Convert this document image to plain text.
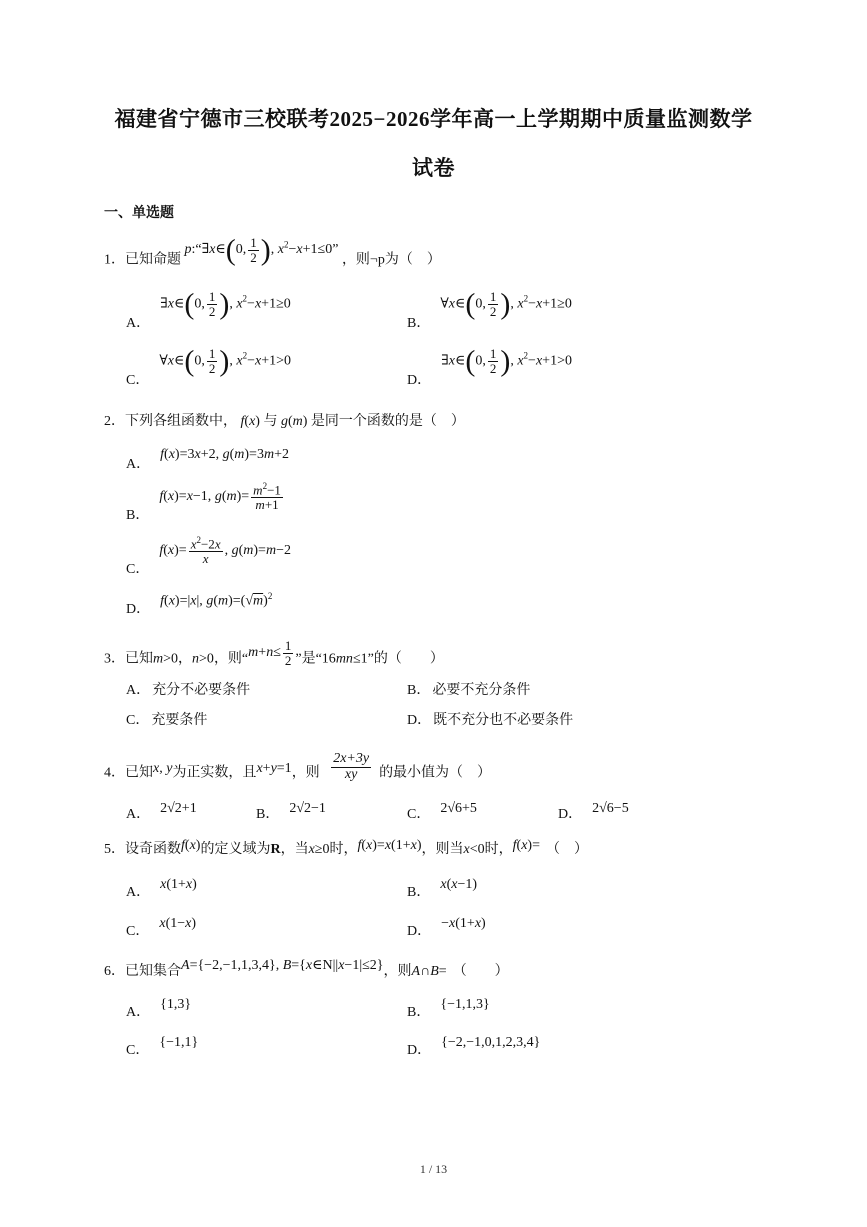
福建省宁德市三校联考2025−2026学年高一上学期期中质量监测数学
试卷
一、单选题
1．已知命题 p:“∃x∈(0, $\frac{1}{2}$ ), $x^2-x+1\le 0$” ，则¬p为（　）
A．
∃x∈(0, $\frac{1}{2}$ ), $x^2-x+1\ge 0$
B．
∀x∈(0, $\frac{1}{2}$ ), $x^2-x+1\ge 0$
C．
∀x∈(0, $\frac{1}{2}$ ), $x^2-x+1>0$
D．
∃x∈(0, $\frac{1}{2}$ ), $x^2-x+1>0$
2．下列各组函数中， f(x) 与 g(m) 是同一个函数的是（　）
A．
f(x)=3x+2, g(m)=3m+2
B．
f(x)=x−1, $g(m)= \frac{m^2-1}{m+1}$
C．
$f(x)= \frac{x^2-2x}{x}$ , g(m)=m−2
D．
f(x)=|x|, $g(m)=(√m)^2$
3．已知m>0，n>0，则“$m+n\le \frac{1}{2}$ ”是“16mn≤1”的（　　）
A． 充分不必要条件	B． 必要不充分条件
C． 充要条件	D． 既不充分也不必要条件
4．已知x, y为正实数，且x+y=1，则 $\frac{2x+3y}{xy}$ 的最小值为（　）
A． 2√2+1	B． 2√2−1	C． 2√6+5	D． 2√6−5
5．设奇函数f(x)的定义域为R，当x≥0时，f(x)=x(1+x)，则当x<0时，f(x)= （　）
A．
x(1+x)
B．
x(x−1)
C．
x(1−x)
D．
−x(1+x)
6．已知集合A={−2,−1,1,3,4}, B={x∈N||x−1|≤2}，则A∩B= （　　）
A．
{1,3}
B．
{−1,1,3}
C．
{−1,1}
D．
{−2,−1,0,1,2,3,4}
1 / 13
